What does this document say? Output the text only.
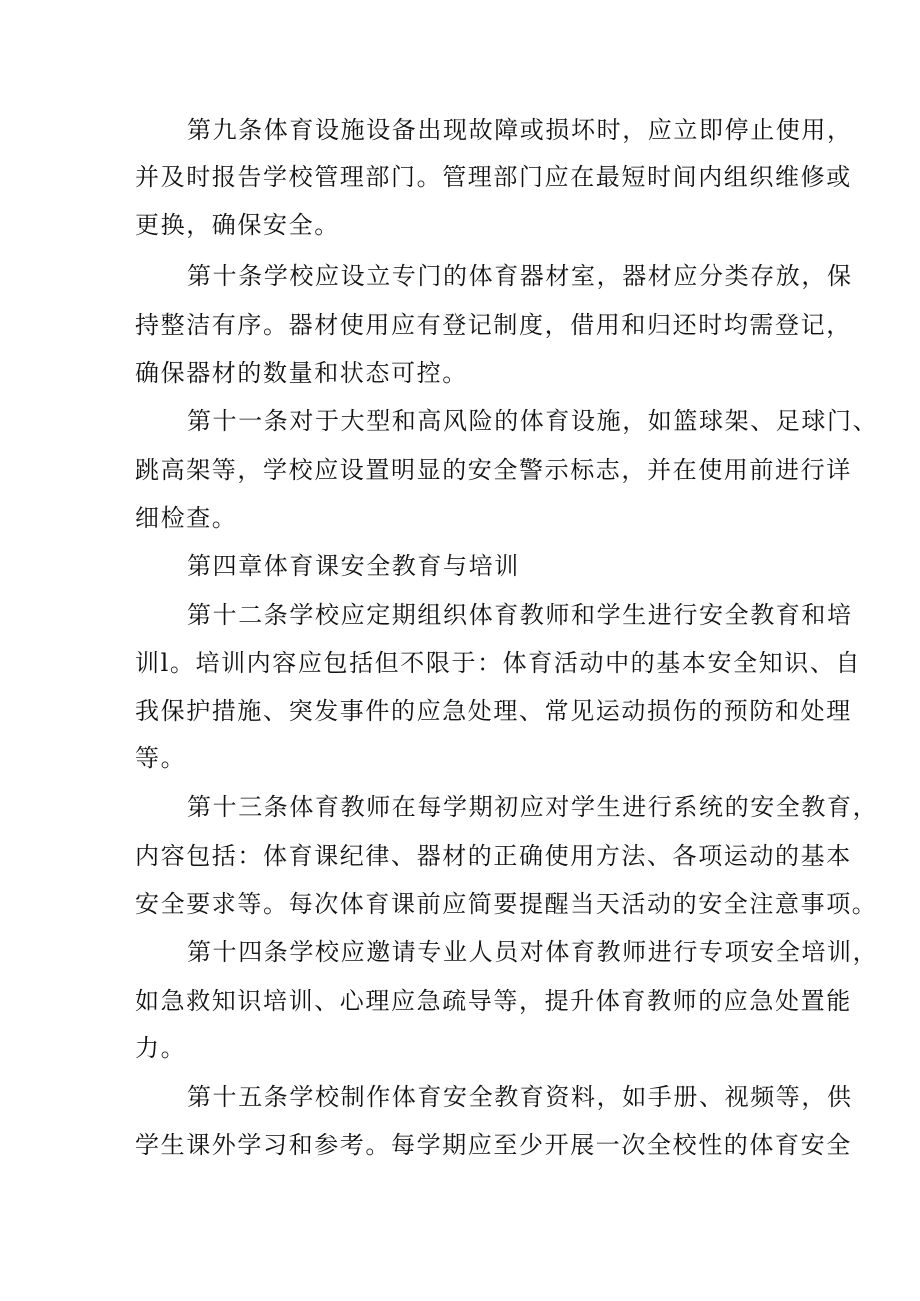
第九条体育设施设备出现故障或损坏时，应立即停止使用，
并及时报告学校管理部门。管理部门应在最短时间内组织维修或
更换，确保安全。
第十条学校应设立专门的体育器材室，器材应分类存放，保
持整洁有序。器材使用应有登记制度，借用和归还时均需登记，
确保器材的数量和状态可控。
第十一条对于大型和高风险的体育设施，如篮球架、足球门、
跳高架等，学校应设置明显的安全警示标志，并在使用前进行详
细检查。
第四章体育课安全教育与培训
第十二条学校应定期组织体育教师和学生进行安全教育和培
训l。培训内容应包括但不限于：体育活动中的基本安全知识、自
我保护措施、突发事件的应急处理、常见运动损伤的预防和处理
等。
第十三条体育教师在每学期初应对学生进行系统的安全教育，
内容包括：体育课纪律、器材的正确使用方法、各项运动的基本
安全要求等。每次体育课前应简要提醒当天活动的安全注意事项。
第十四条学校应邀请专业人员对体育教师进行专项安全培训，
如急救知识培训、心理应急疏导等，提升体育教师的应急处置能
力。
第十五条学校制作体育安全教育资料，如手册、视频等，供
学生课外学习和参考。每学期应至少开展一次全校性的体育安全
